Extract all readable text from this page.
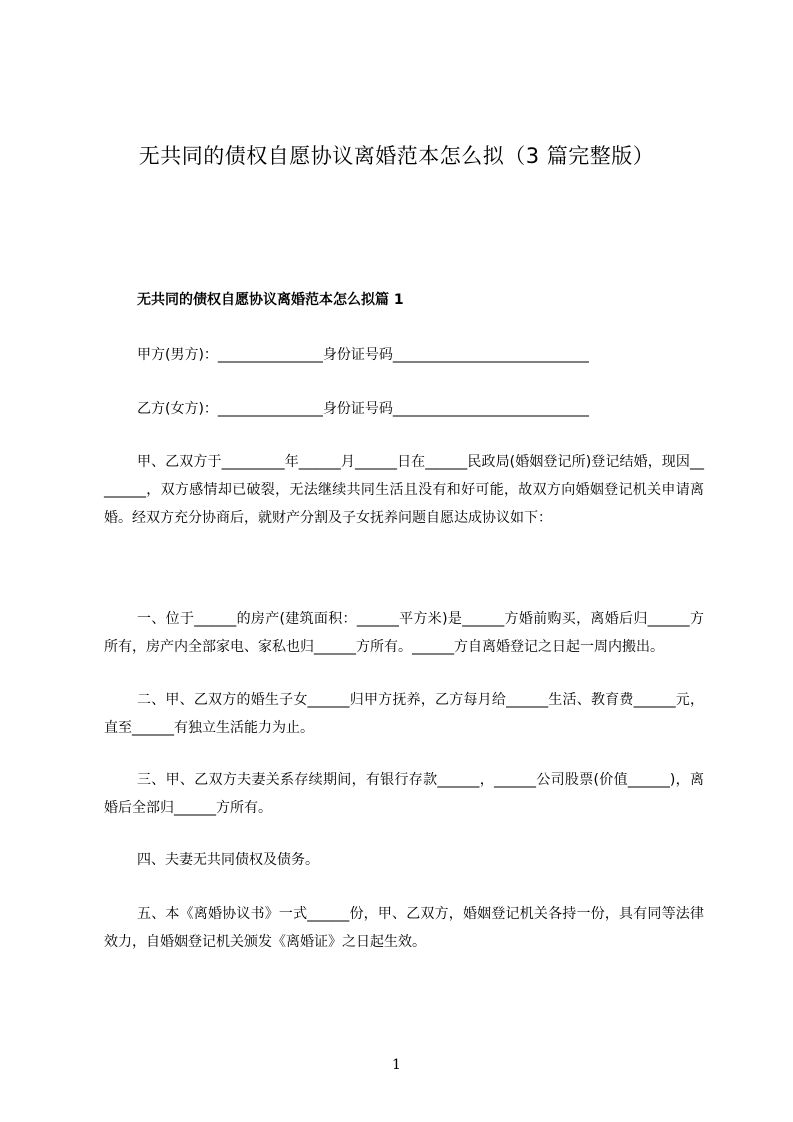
无共同的债权自愿协议离婚范本怎么拟（3 篇完整版）
无共同的债权自愿协议离婚范本怎么拟篇 1
甲方(男方)：_______________身份证号码____________________________
乙方(女方)：_______________身份证号码____________________________
甲、乙双方于_________年______月______日在______民政局(婚姻登记所)登记结婚，现因________，双方感情却已破裂，无法继续共同生活且没有和好可能，故双方向婚姻登记机关申请离婚。经双方充分协商后，就财产分割及子女抚养问题自愿达成协议如下：
一、位于______的房产(建筑面积：______平方米)是______方婚前购买，离婚后归______方所有，房产内全部家电、家私也归______方所有。______方自离婚登记之日起一周内搬出。
二、甲、乙双方的婚生子女______归甲方抚养，乙方每月给______生活、教育费______元，直至______有独立生活能力为止。
三、甲、乙双方夫妻关系存续期间，有银行存款______，______公司股票(价值______)，离婚后全部归______方所有。
四、夫妻无共同债权及债务。
五、本《离婚协议书》一式______份，甲、乙双方，婚姻登记机关各持一份，具有同等法律效力，自婚姻登记机关颁发《离婚证》之日起生效。
1
